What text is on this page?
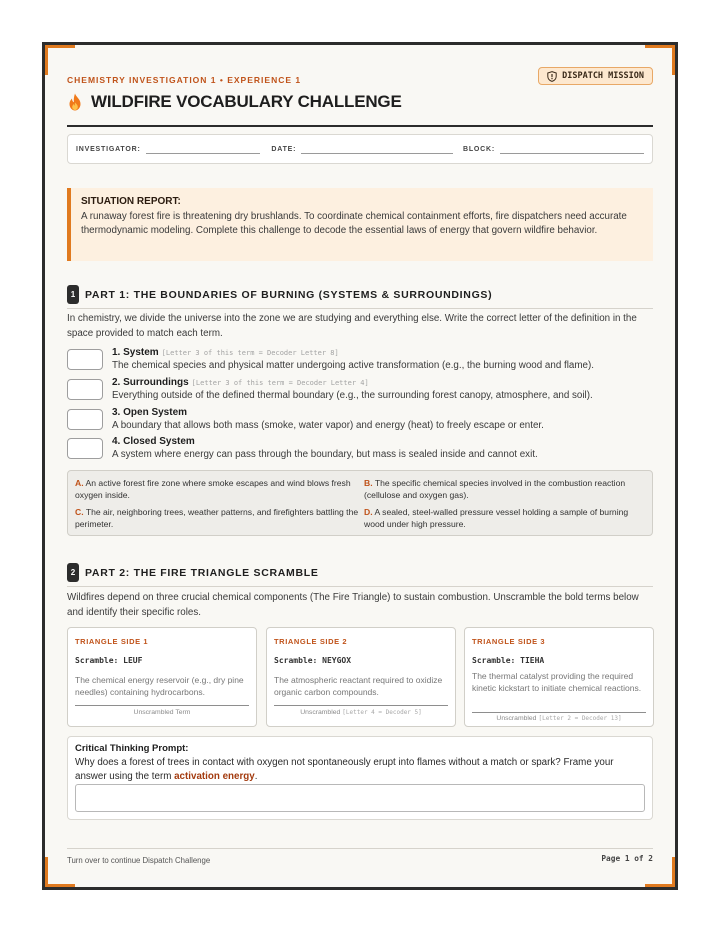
CHEMISTRY INVESTIGATION 1 • EXPERIENCE 1	DISPATCH MISSION
WILDFIRE VOCABULARY CHALLENGE
INVESTIGATOR:	DATE:	BLOCK:
SITUATION REPORT:
A runaway forest fire is threatening dry brushlands. To coordinate chemical containment efforts, fire dispatchers need accurate thermodynamic modeling. Complete this challenge to decode the essential laws of energy that govern wildfire behavior.
1 PART 1: THE BOUNDARIES OF BURNING (SYSTEMS & SURROUNDINGS)
In chemistry, we divide the universe into the zone we are studying and everything else. Write the correct letter of the definition in the space provided to match each term.
1. System [Letter 3 of this term = Decoder Letter 8]
The chemical species and physical matter undergoing active transformation (e.g., the burning wood and flame).
2. Surroundings [Letter 3 of this term = Decoder Letter 4]
Everything outside of the defined thermal boundary (e.g., the surrounding forest canopy, atmosphere, and soil).
3. Open System
A boundary that allows both mass (smoke, water vapor) and energy (heat) to freely escape or enter.
4. Closed System
A system where energy can pass through the boundary, but mass is sealed inside and cannot exit.
A. An active forest fire zone where smoke escapes and wind blows fresh oxygen inside.
B. The specific chemical species involved in the combustion reaction (cellulose and oxygen gas).
C. The air, neighboring trees, weather patterns, and firefighters battling the perimeter.
D. A sealed, steel-walled pressure vessel holding a sample of burning wood under high pressure.
2 PART 2: THE FIRE TRIANGLE SCRAMBLE
Wildfires depend on three crucial chemical components (The Fire Triangle) to sustain combustion. Unscramble the bold terms below and identify their specific roles.
TRIANGLE SIDE 1
Scramble: LEUF
The chemical energy reservoir (e.g., dry pine needles) containing hydrocarbons.
Unscrambled Term
TRIANGLE SIDE 2
Scramble: NEYGOX
The atmospheric reactant required to oxidize organic carbon compounds.
Unscrambled [Letter 4 = Decoder 5]
TRIANGLE SIDE 3
Scramble: TIEHA
The thermal catalyst providing the required kinetic kickstart to initiate chemical reactions.
Unscrambled [Letter 2 = Decoder 13]
Critical Thinking Prompt:
Why does a forest of trees in contact with oxygen not spontaneously erupt into flames without a match or spark? Frame your answer using the term activation energy.
Turn over to continue Dispatch Challenge	Page 1 of 2
